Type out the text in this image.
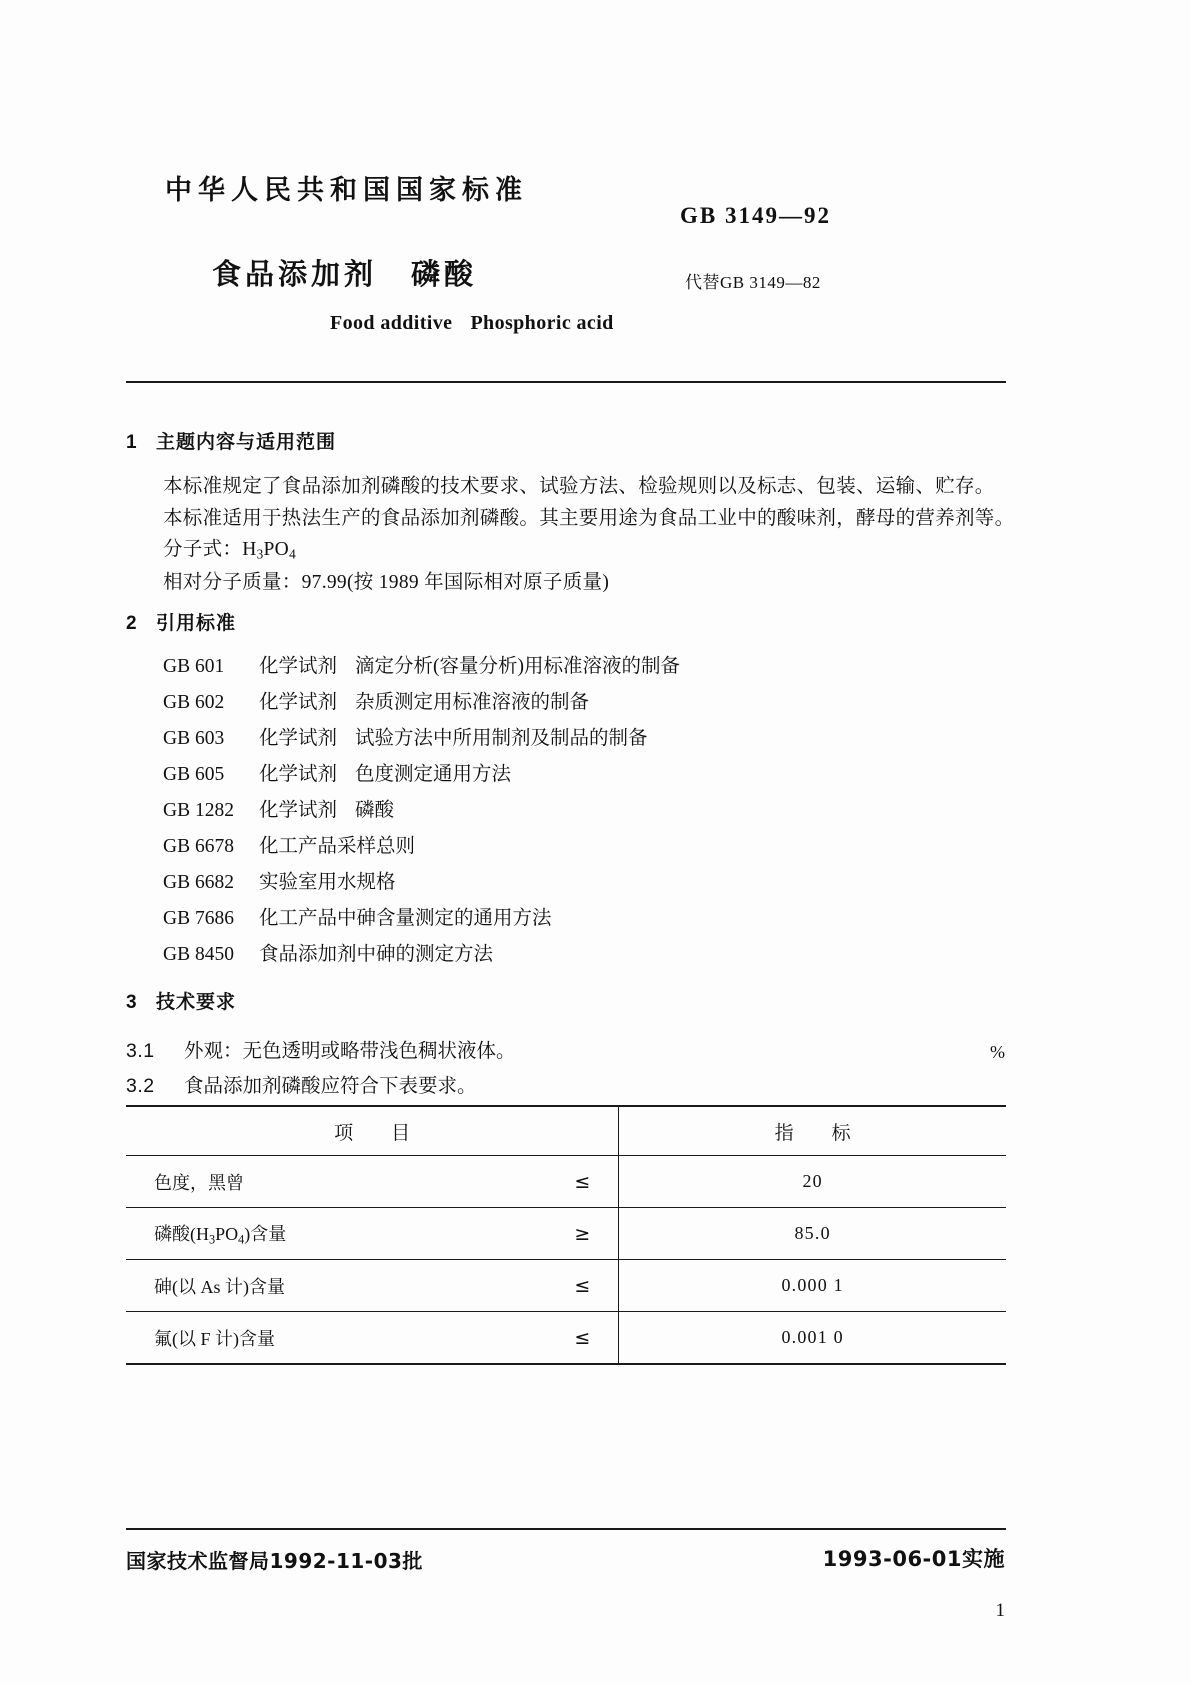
中华人民共和国国家标准
GB 3149—92
食品添加剂 磷酸	代替GB 3149—82
Food additive Phosphoric acid
1 主题内容与适用范围
本标准规定了食品添加剂磷酸的技术要求、试验方法、检验规则以及标志、包装、运输、贮存。
本标准适用于热法生产的食品添加剂磷酸。其主要用途为食品工业中的酸味剂，酵母的营养剂等。
分子式：$H_3PO_4$
相对分子质量：97.99(按 1989 年国际相对原子质量)
2 引用标准
GB 601 化学试剂 滴定分析(容量分析)用标准溶液的制备
GB 602 化学试剂 杂质测定用标准溶液的制备
GB 603 化学试剂 试验方法中所用制剂及制品的制备
GB 605 化学试剂 色度测定通用方法
GB 1282 化学试剂 磷酸
GB 6678 化工产品采样总则
GB 6682 实验室用水规格
GB 7686 化工产品中砷含量测定的通用方法
GB 8450 食品添加剂中砷的测定方法
3 技术要求
3.1 外观：无色透明或略带浅色稠状液体。
3.2 食品添加剂磷酸应符合下表要求。
%
项　　目	指　　标
色度，黑曾 ≤	20
磷酸$(H_3PO_4)$含量 ≥	85.0
砷(以 As 计)含量 ≤	0.000 1
氟(以 F 计)含量 ≤	0.001 0
国家技术监督局1992-11-03批	1993-06-01实施
1
